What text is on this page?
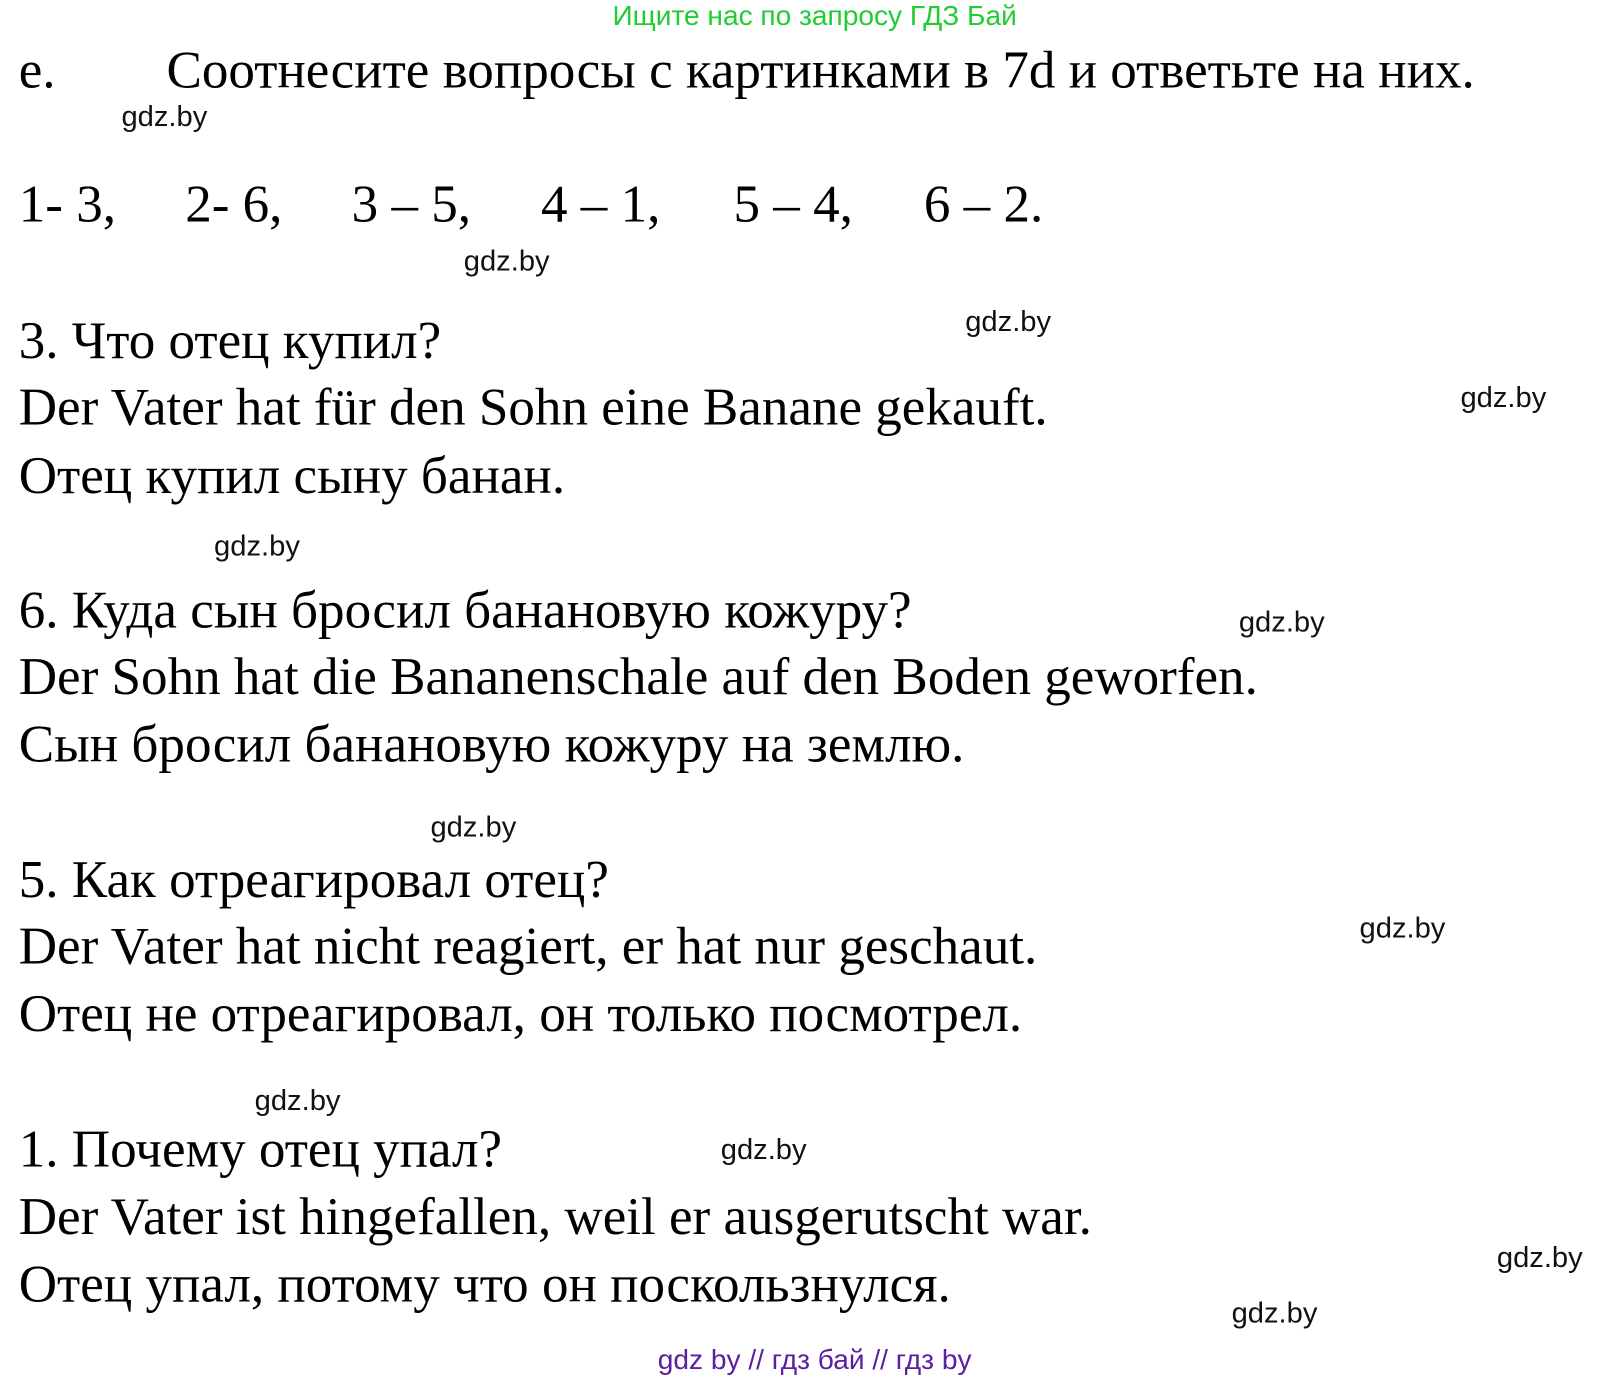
Ищите нас по запросу ГДЗ Бай
e. Соотнесите вопросы с картинками в 7d и ответьте на них.
1- 3, 2- 6, 3 – 5, 4 – 1, 5 – 4, 6 – 2.
3. Что отец купил?
Der Vater hat für den Sohn eine Banane gekauft.
Отец купил сыну банан.
6. Куда сын бросил банановую кожуру?
Der Sohn hat die Bananenschale auf den Boden geworfen.
Сын бросил банановую кожуру на землю.
5. Как отреагировал отец?
Der Vater hat nicht reagiert, er hat nur geschaut.
Отец не отреагировал, он только посмотрел.
1. Почему отец упал?
Der Vater ist hingefallen, weil er ausgerutscht war.
Отец упал, потому что он поскользнулся.
gdz.by
gdz.by
gdz.by
gdz.by
gdz.by
gdz.by
gdz.by
gdz.by
gdz.by
gdz.by
gdz.by
gdz.by
gdz by // гдз бай // гдз by
